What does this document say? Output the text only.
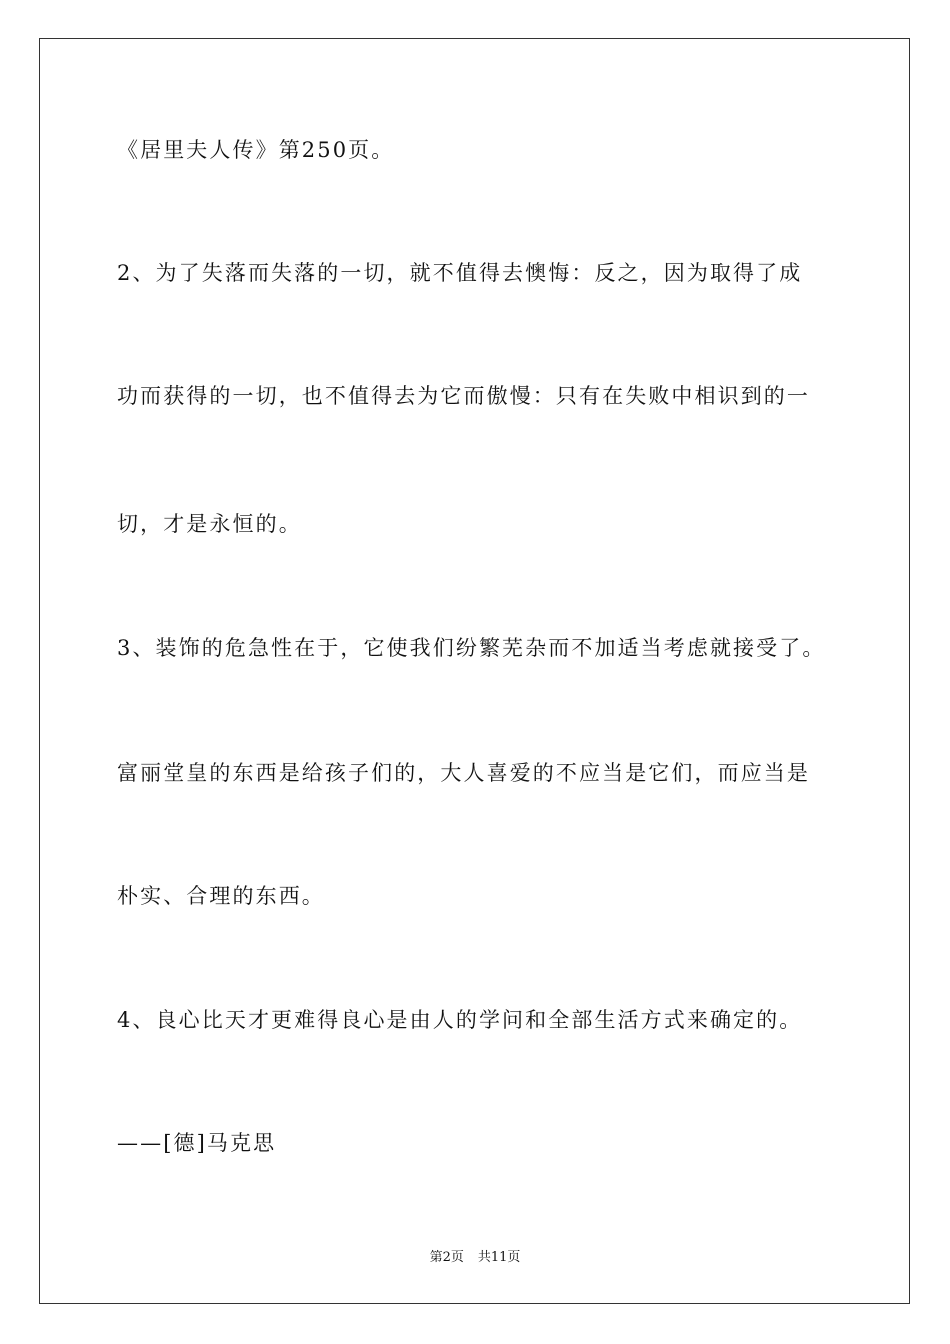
《居里夫人传》第250页。

2、为了失落而失落的一切，就不值得去懊悔：反之，因为取得了成

功而获得的一切，也不值得去为它而傲慢：只有在失败中相识到的一

切，才是永恒的。

3、装饰的危急性在于，它使我们纷繁芜杂而不加适当考虑就接受了。

富丽堂皇的东西是给孩子们的，大人喜爱的不应当是它们，而应当是

朴实、合理的东西。

4、良心比天才更难得良心是由人的学问和全部生活方式来确定的。

——[德]马克思

第2页 共11页
